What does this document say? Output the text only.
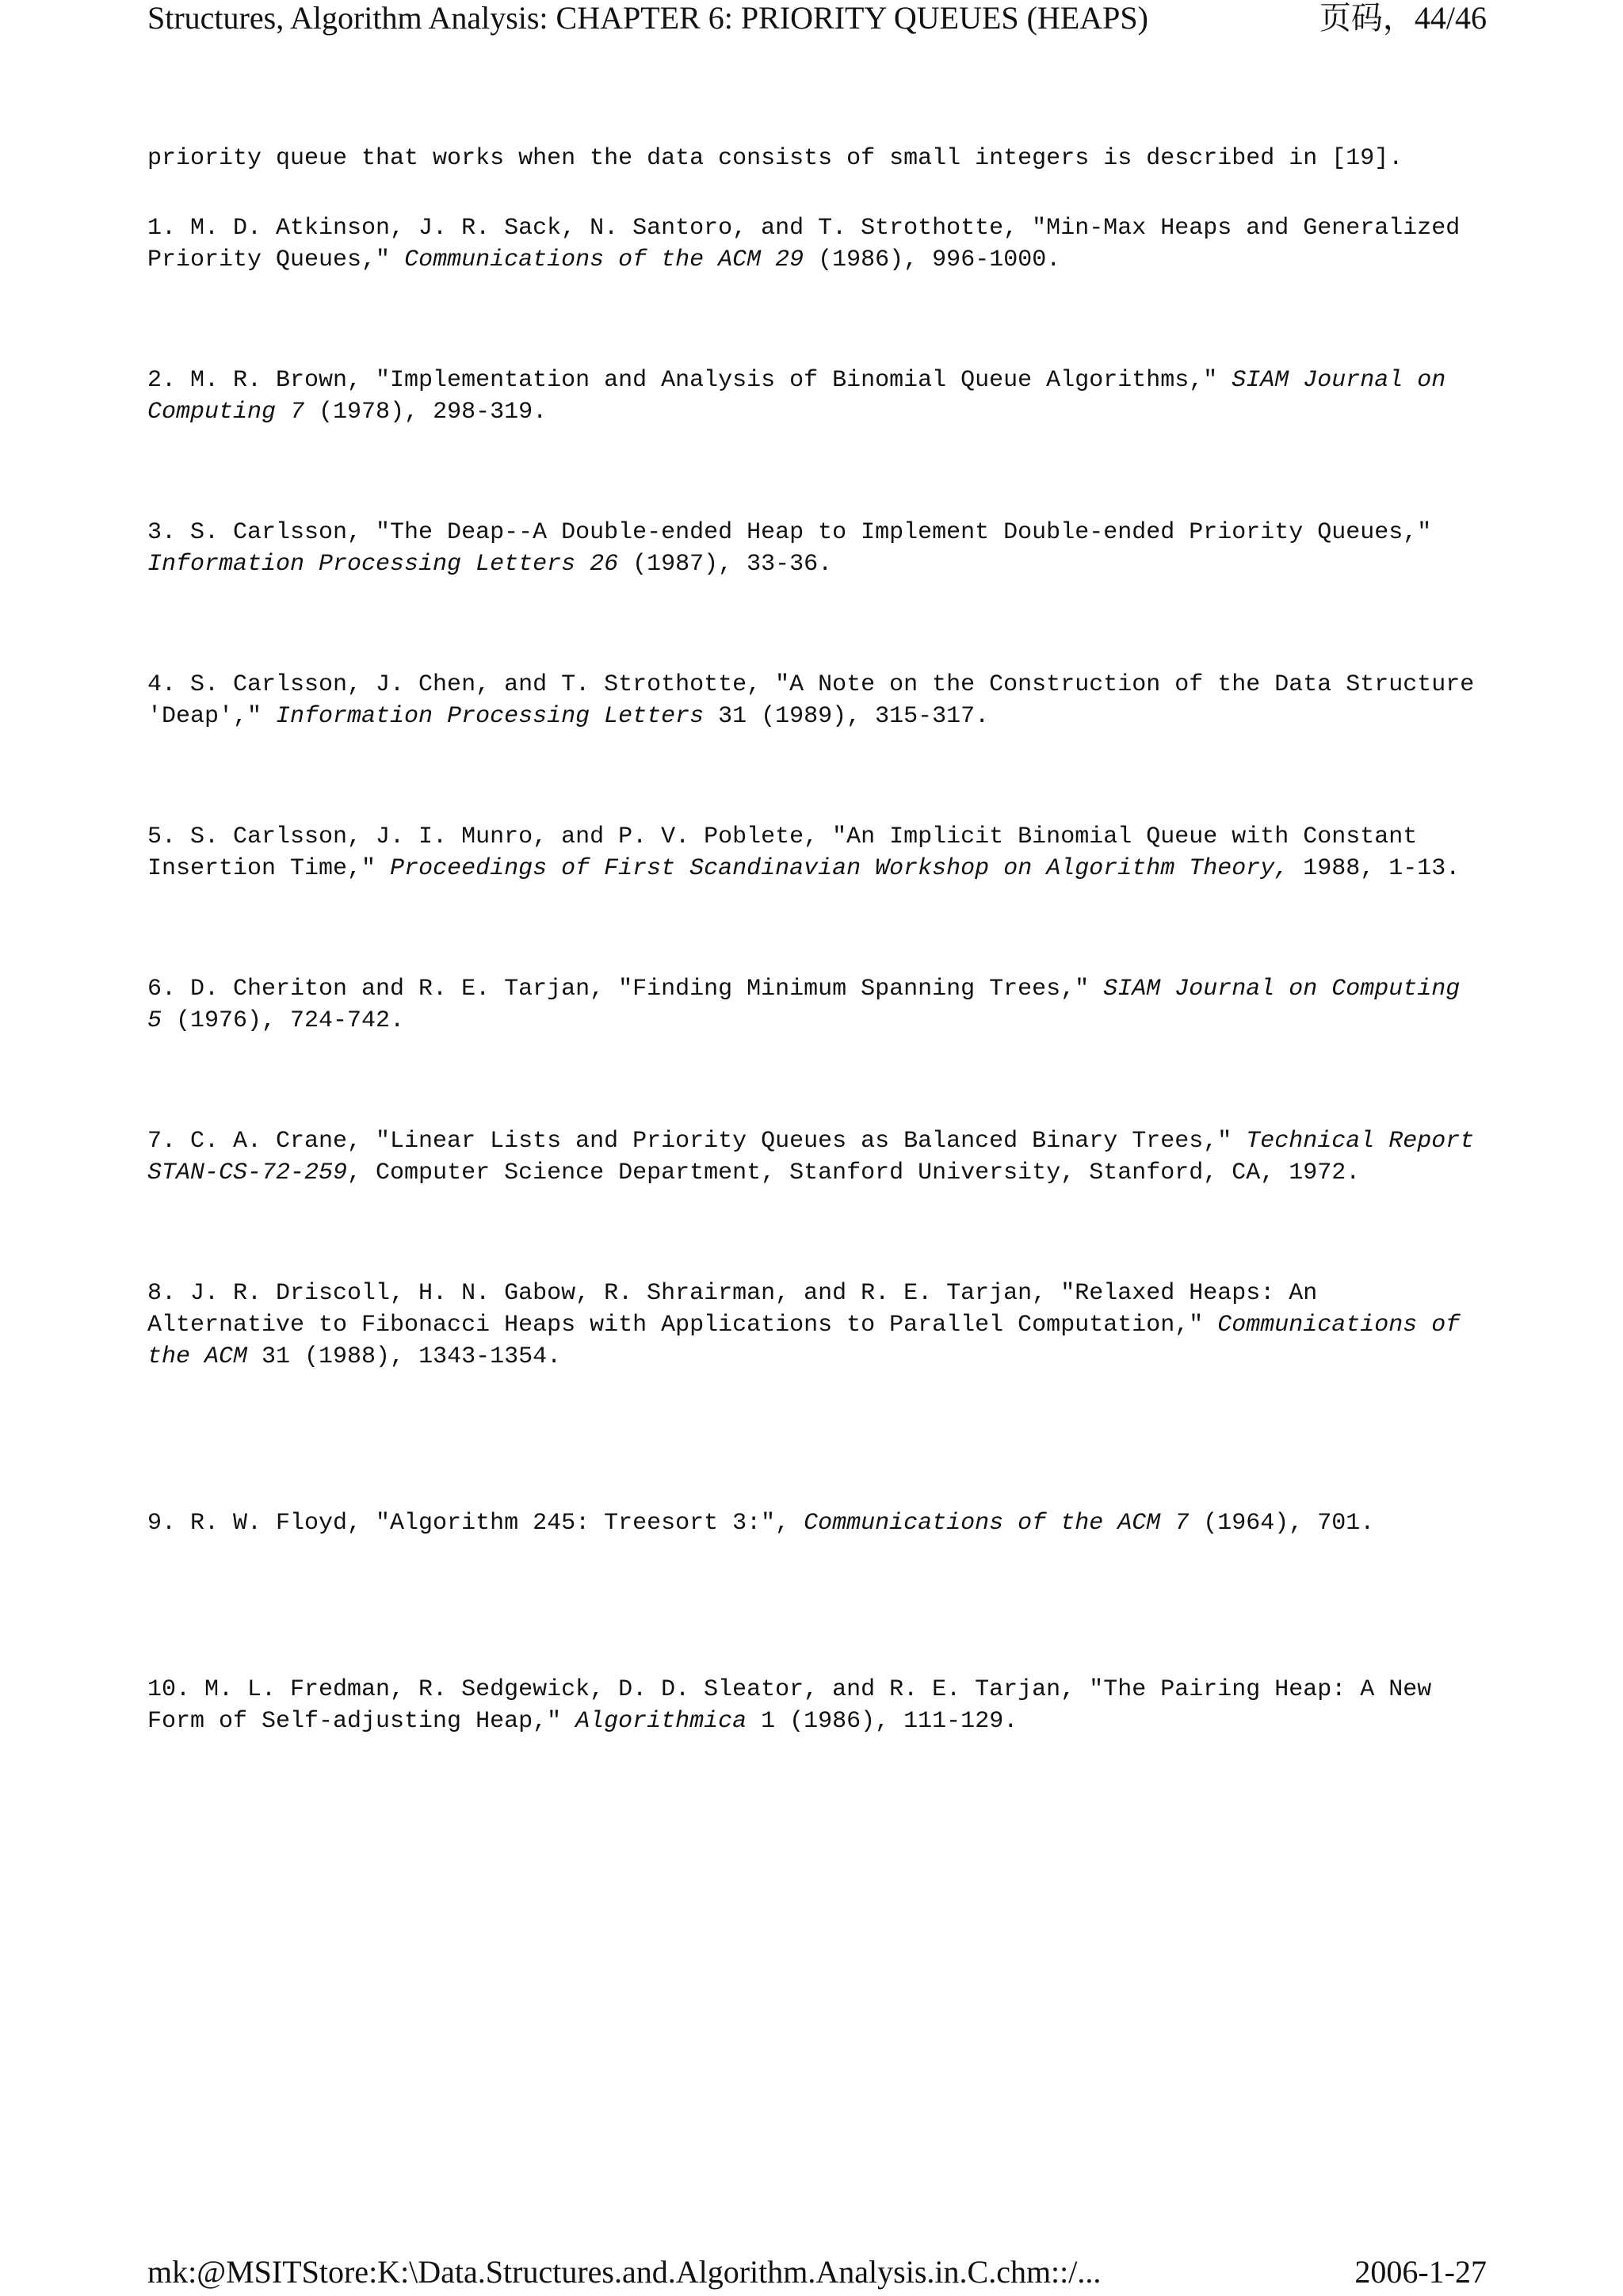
Structures, Algorithm Analysis: CHAPTER 6: PRIORITY QUEUES (HEAPS)	页码，44/46

priority queue that works when the data consists of small integers is described in [19].

1. M. D. Atkinson, J. R. Sack, N. Santoro, and T. Strothotte, "Min-Max Heaps and Generalized Priority Queues," Communications of the ACM 29 (1986), 996-1000.

2. M. R. Brown, "Implementation and Analysis of Binomial Queue Algorithms," SIAM Journal on Computing 7 (1978), 298-319.

3. S. Carlsson, "The Deap--A Double-ended Heap to Implement Double-ended Priority Queues," Information Processing Letters 26 (1987), 33-36.

4. S. Carlsson, J. Chen, and T. Strothotte, "A Note on the Construction of the Data Structure 'Deap'," Information Processing Letters 31 (1989), 315-317.

5. S. Carlsson, J. I. Munro, and P. V. Poblete, "An Implicit Binomial Queue with Constant Insertion Time," Proceedings of First Scandinavian Workshop on Algorithm Theory, 1988, 1-13.

6. D. Cheriton and R. E. Tarjan, "Finding Minimum Spanning Trees," SIAM Journal on Computing 5 (1976), 724-742.

7. C. A. Crane, "Linear Lists and Priority Queues as Balanced Binary Trees," Technical Report STAN-CS-72-259, Computer Science Department, Stanford University, Stanford, CA, 1972.

8. J. R. Driscoll, H. N. Gabow, R. Shrairman, and R. E. Tarjan, "Relaxed Heaps: An Alternative to Fibonacci Heaps with Applications to Parallel Computation," Communications of the ACM 31 (1988), 1343-1354.

9. R. W. Floyd, "Algorithm 245: Treesort 3:", Communications of the ACM 7 (1964), 701.

10. M. L. Fredman, R. Sedgewick, D. D. Sleator, and R. E. Tarjan, "The Pairing Heap: A New Form of Self-adjusting Heap," Algorithmica 1 (1986), 111-129.

mk:@MSITStore:K:\Data.Structures.and.Algorithm.Analysis.in.C.chm::/...	2006-1-27
